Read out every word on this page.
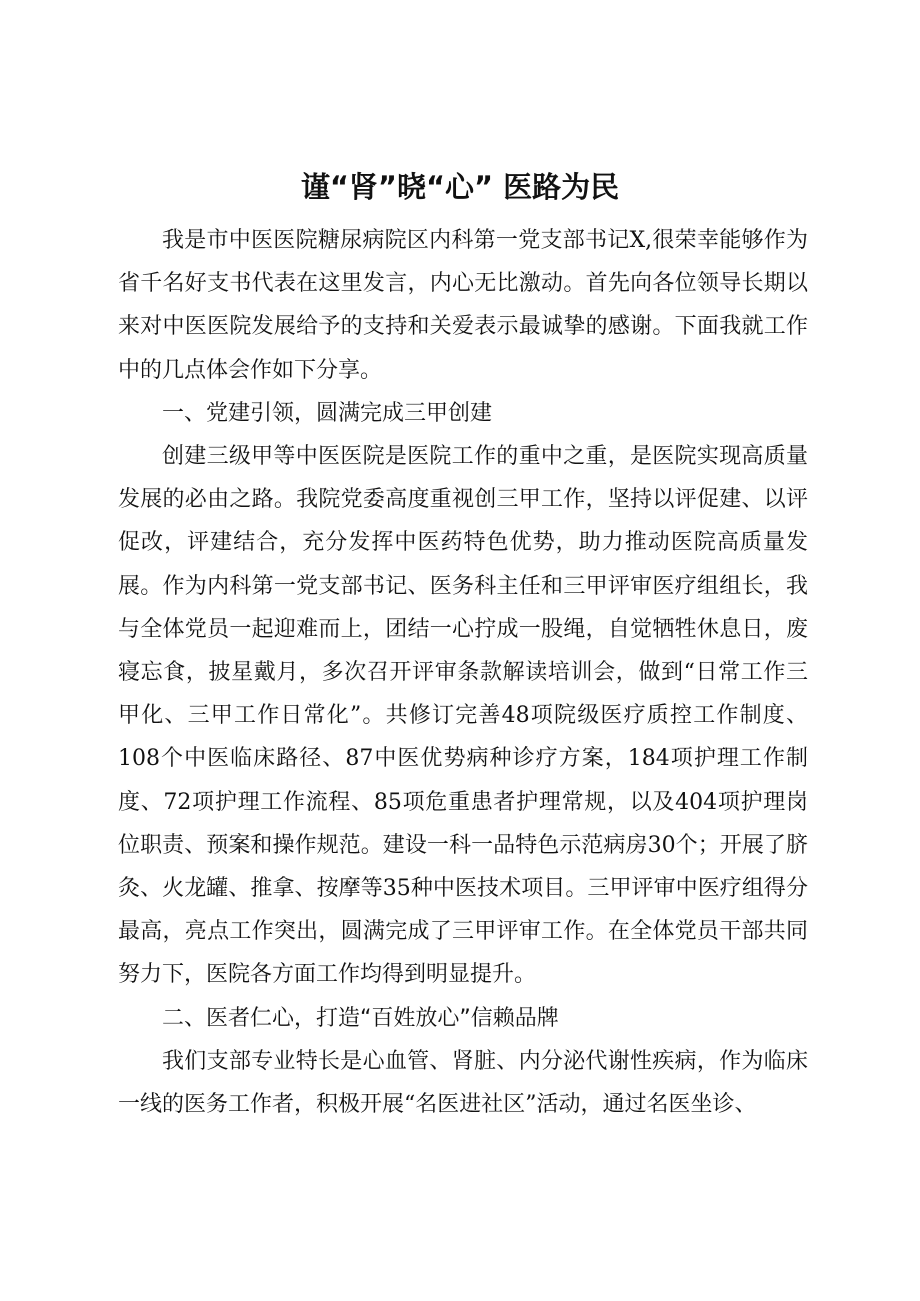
谨“肾”晓“心” 医路为民

我是市中医医院糖尿病院区内科第一党支部书记X,很荣幸能够作为省千名好支书代表在这里发言，内心无比激动。首先向各位领导长期以来对中医医院发展给予的支持和关爱表示最诚挚的感谢。下面我就工作中的几点体会作如下分享。

一、党建引领，圆满完成三甲创建

创建三级甲等中医医院是医院工作的重中之重，是医院实现高质量发展的必由之路。我院党委高度重视创三甲工作，坚持以评促建、以评促改，评建结合，充分发挥中医药特色优势，助力推动医院高质量发展。作为内科第一党支部书记、医务科主任和三甲评审医疗组组长，我与全体党员一起迎难而上，团结一心拧成一股绳，自觉牺牲休息日，废寝忘食，披星戴月，多次召开评审条款解读培训会，做到“日常工作三甲化、三甲工作日常化”。共修订完善48项院级医疗质控工作制度、108个中医临床路径、87中医优势病种诊疗方案，184项护理工作制度、72项护理工作流程、85项危重患者护理常规，以及404项护理岗位职责、预案和操作规范。建设一科一品特色示范病房30个；开展了脐灸、火龙罐、推拿、按摩等35种中医技术项目。三甲评审中医疗组得分最高，亮点工作突出，圆满完成了三甲评审工作。在全体党员干部共同努力下，医院各方面工作均得到明显提升。

二、医者仁心，打造“百姓放心”信赖品牌

我们支部专业特长是心血管、肾脏、内分泌代谢性疾病，作为临床一线的医务工作者，积极开展“名医进社区”活动，通过名医坐诊、
